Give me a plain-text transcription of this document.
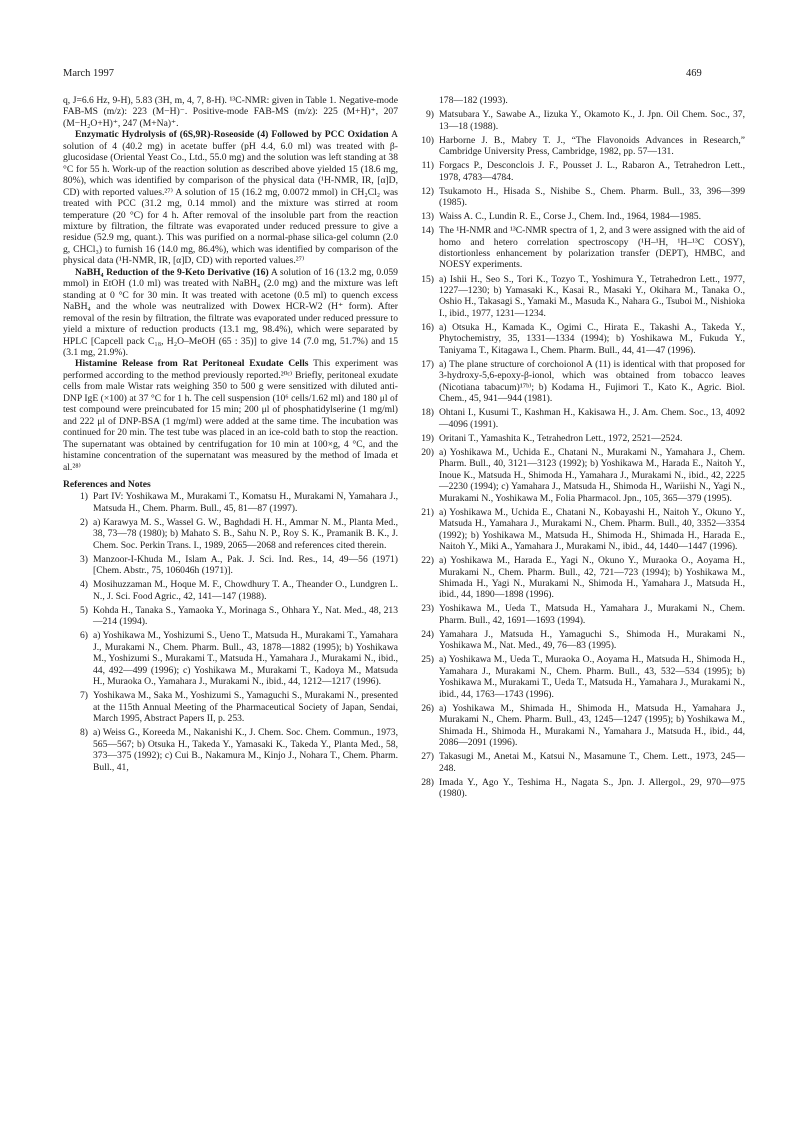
March 1997	469

q, J=6.6 Hz, 9-H), 5.83 (3H, m, 4, 7, 8-H). ¹³C-NMR: given in Table 1. Negative-mode FAB-MS (m/z): 223 (M−H)⁻. Positive-mode FAB-MS (m/z): 225 (M+H)⁺, 207 (M−H₂O+H)⁺, 247 (M+Na)⁺.

Enzymatic Hydrolysis of (6S,9R)-Roseoside (4) Followed by PCC Oxidation A solution of 4 (40.2 mg) in acetate buffer (pH 4.4, 6.0 ml) was treated with β-glucosidase (Oriental Yeast Co., Ltd., 55.0 mg) and the solution was left standing at 38 °C for 55 h. Work-up of the reaction solution as described above yielded 15 (18.6 mg, 80%), which was identified by comparison of the physical data (¹H-NMR, IR, [α]D, CD) with reported values.²⁷⁾ A solution of 15 (16.2 mg, 0.0072 mmol) in CH₂Cl₂ was treated with PCC (31.2 mg, 0.14 mmol) and the mixture was stirred at room temperature (20 °C) for 4 h. After removal of the insoluble part from the reaction mixture by filtration, the filtrate was evaporated under reduced pressure to give a residue (52.9 mg, quant.). This was purified on a normal-phase silica-gel column (2.0 g, CHCl₃) to furnish 16 (14.0 mg, 86.4%), which was identified by comparison of the physical data (¹H-NMR, IR, [α]D, CD) with reported values.²⁷⁾

NaBH₄ Reduction of the 9-Keto Derivative (16) A solution of 16 (13.2 mg, 0.059 mmol) in EtOH (1.0 ml) was treated with NaBH₄ (2.0 mg) and the mixture was left standing at 0 °C for 30 min. It was treated with acetone (0.5 ml) to quench excess NaBH₄ and the whole was neutralized with Dowex HCR-W2 (H⁺ form). After removal of the resin by filtration, the filtrate was evaporated under reduced pressure to yield a mixture of reduction products (13.1 mg, 98.4%), which were separated by HPLC [Capcell pack C₁₈, H₂O–MeOH (65 : 35)] to give 14 (7.0 mg, 51.7%) and 15 (3.1 mg, 21.9%).

Histamine Release from Rat Peritoneal Exudate Cells This experiment was performed according to the method previously reported.²⁰ᶜ⁾ Briefly, peritoneal exudate cells from male Wistar rats weighing 350 to 500 g were sensitized with diluted anti-DNP IgE (×100) at 37 °C for 1 h. The cell suspension (10⁶ cells/1.62 ml) and 180 μl of test compound were preincubated for 15 min; 200 μl of phosphatidylserine (1 mg/ml) and 222 μl of DNP-BSA (1 mg/ml) were added at the same time. The incubation was continued for 20 min. The test tube was placed in an ice-cold bath to stop the reaction. The supernatant was obtained by centrifugation for 10 min at 100×g, 4 °C, and the histamine concentration of the supernatant was measured by the method of Imada et al.²⁸⁾

References and Notes
1) Part IV: Yoshikawa M., Murakami T., Komatsu H., Murakami N, Yamahara J., Matsuda H., Chem. Pharm. Bull., 45, 81—87 (1997).
2) a) Karawya M. S., Wassel G. W., Baghdadi H. H., Ammar N. M., Planta Med., 38, 73—78 (1980); b) Mahato S. B., Sahu N. P., Roy S. K., Pramanik B. K., J. Chem. Soc. Perkin Trans. I., 1989, 2065—2068 and references cited therein.
3) Manzoor-I-Khuda M., Islam A., Pak. J. Sci. Ind. Res., 14, 49—56 (1971) [Chem. Abstr., 75, 106046h (1971)].
4) Mosihuzzaman M., Hoque M. F., Chowdhury T. A., Theander O., Lundgren L. N., J. Sci. Food Agric., 42, 141—147 (1988).
5) Kohda H., Tanaka S., Yamaoka Y., Morinaga S., Ohhara Y., Nat. Med., 48, 213—214 (1994).
6) a) Yoshikawa M., Yoshizumi S., Ueno T., Matsuda H., Murakami T., Yamahara J., Murakami N., Chem. Pharm. Bull., 43, 1878—1882 (1995); b) Yoshikawa M., Yoshizumi S., Murakami T., Matsuda H., Yamahara J., Murakami N., ibid., 44, 492—499 (1996); c) Yoshikawa M., Murakami T., Kadoya M., Matsuda H., Muraoka O., Yamahara J., Murakami N., ibid., 44, 1212—1217 (1996).
7) Yoshikawa M., Saka M., Yoshizumi S., Yamaguchi S., Murakami N., presented at the 115th Annual Meeting of the Pharmaceutical Society of Japan, Sendai, March 1995, Abstract Papers II, p. 253.
8) a) Weiss G., Koreeda M., Nakanishi K., J. Chem. Soc. Chem. Commun., 1973, 565—567; b) Otsuka H., Takeda Y., Yamasaki K., Takeda Y., Planta Med., 58, 373—375 (1992); c) Cui B., Nakamura M., Kinjo J., Nohara T., Chem. Pharm. Bull., 41,
178—182 (1993).
9) Matsubara Y., Sawabe A., Iizuka Y., Okamoto K., J. Jpn. Oil Chem. Soc., 37, 13—18 (1988).
10) Harborne J. B., Mabry T. J., “The Flavonoids Advances in Research,” Cambridge University Press, Cambridge, 1982, pp. 57—131.
11) Forgacs P., Desconclois J. F., Pousset J. L., Rabaron A., Tetrahedron Lett., 1978, 4783—4784.
12) Tsukamoto H., Hisada S., Nishibe S., Chem. Pharm. Bull., 33, 396—399 (1985).
13) Waiss A. C., Lundin R. E., Corse J., Chem. Ind., 1964, 1984—1985.
14) The ¹H-NMR and ¹³C-NMR spectra of 1, 2, and 3 were assigned with the aid of homo and hetero correlation spectroscopy (¹H–¹H, ¹H–¹³C COSY), distortionless enhancement by polarization transfer (DEPT), HMBC, and NOESY experiments.
15) a) Ishii H., Seo S., Tori K., Tozyo T., Yoshimura Y., Tetrahedron Lett., 1977, 1227—1230; b) Yamasaki K., Kasai R., Masaki Y., Okihara M., Tanaka O., Oshio H., Takasagi S., Yamaki M., Masuda K., Nahara G., Tsuboi M., Nishioka I., ibid., 1977, 1231—1234.
16) a) Otsuka H., Kamada K., Ogimi C., Hirata E., Takashi A., Takeda Y., Phytochemistry, 35, 1331—1334 (1994); b) Yoshikawa M., Fukuda Y., Taniyama T., Kitagawa I., Chem. Pharm. Bull., 44, 41—47 (1996).
17) a) The plane structure of corchoionol A (11) is identical with that proposed for 3-hydroxy-5,6-epoxy-β-ionol, which was obtained from tobacco leaves (Nicotiana tabacum)¹⁷ᵇ⁾; b) Kodama H., Fujimori T., Kato K., Agric. Biol. Chem., 45, 941—944 (1981).
18) Ohtani I., Kusumi T., Kashman H., Kakisawa H., J. Am. Chem. Soc., 13, 4092—4096 (1991).
19) Oritani T., Yamashita K., Tetrahedron Lett., 1972, 2521—2524.
20) a) Yoshikawa M., Uchida E., Chatani N., Murakami N., Yamahara J., Chem. Pharm. Bull., 40, 3121—3123 (1992); b) Yoshikawa M., Harada E., Naitoh Y., Inoue K., Matsuda H., Shimoda H., Yamahara J., Murakami N., ibid., 42, 2225—2230 (1994); c) Yamahara J., Matsuda H., Shimoda H., Wariishi N., Yagi N., Murakami N., Yoshikawa M., Folia Pharmacol. Jpn., 105, 365—379 (1995).
21) a) Yoshikawa M., Uchida E., Chatani N., Kobayashi H., Naitoh Y., Okuno Y., Matsuda H., Yamahara J., Murakami N., Chem. Pharm. Bull., 40, 3352—3354 (1992); b) Yoshikawa M., Matsuda H., Shimoda H., Shimada H., Harada E., Naitoh Y., Miki A., Yamahara J., Murakami N., ibid., 44, 1440—1447 (1996).
22) a) Yoshikawa M., Harada E., Yagi N., Okuno Y., Muraoka O., Aoyama H., Murakami N., Chem. Pharm. Bull., 42, 721—723 (1994); b) Yoshikawa M., Shimada H., Yagi N., Murakami N., Shimoda H., Yamahara J., Matsuda H., ibid., 44, 1890—1898 (1996).
23) Yoshikawa M., Ueda T., Matsuda H., Yamahara J., Murakami N., Chem. Pharm. Bull., 42, 1691—1693 (1994).
24) Yamahara J., Matsuda H., Yamaguchi S., Shimoda H., Murakami N., Yoshikawa M., Nat. Med., 49, 76—83 (1995).
25) a) Yoshikawa M., Ueda T., Muraoka O., Aoyama H., Matsuda H., Shimoda H., Yamahara J., Murakami N., Chem. Pharm. Bull., 43, 532—534 (1995); b) Yoshikawa M., Murakami T., Ueda T., Matsuda H., Yamahara J., Murakami N., ibid., 44, 1763—1743 (1996).
26) a) Yoshikawa M., Shimada H., Shimoda H., Matsuda H., Yamahara J., Murakami N., Chem. Pharm. Bull., 43, 1245—1247 (1995); b) Yoshikawa M., Shimada H., Shimoda H., Murakami N., Yamahara J., Matsuda H., ibid., 44, 2086—2091 (1996).
27) Takasugi M., Anetai M., Katsui N., Masamune T., Chem. Lett., 1973, 245—248.
28) Imada Y., Ago Y., Teshima H., Nagata S., Jpn. J. Allergol., 29, 970—975 (1980).
